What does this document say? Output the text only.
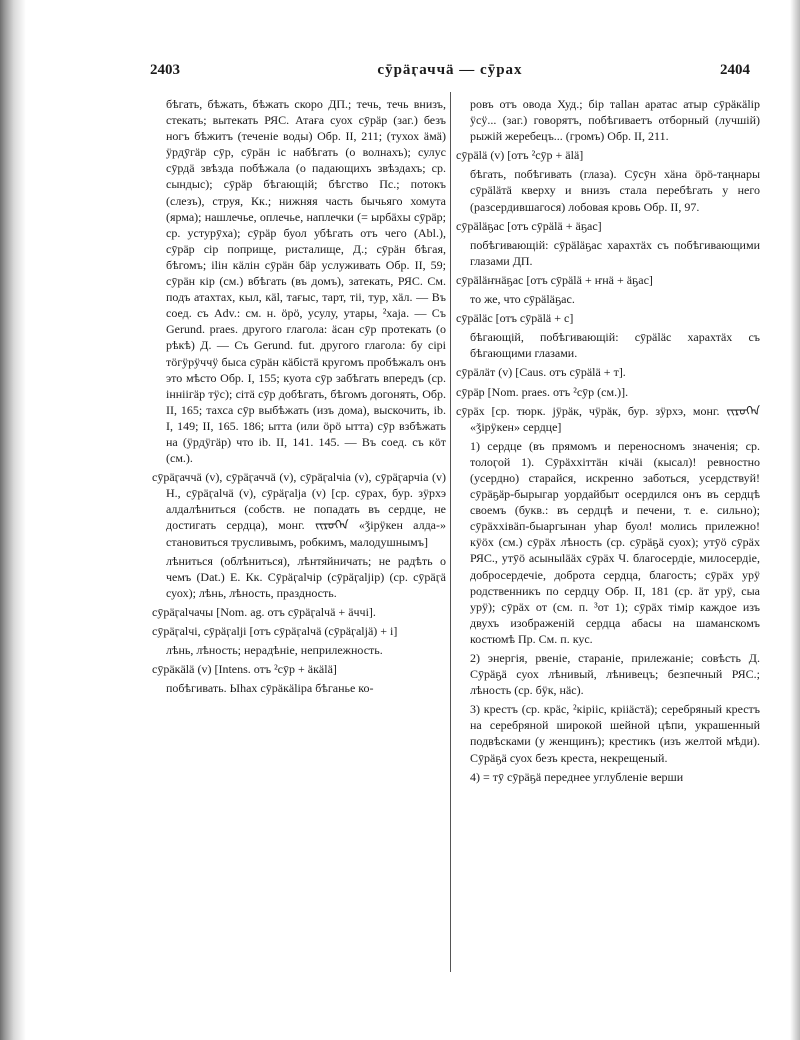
2403	сӯрӓӷаччӓ — сӯрах	2404

бѣгать, бѣжать, бѣжать скоро ДП.; течь, течь внизъ, стекать; вытекать РЯС. Атаға суох сӯрäр (заг.) безъ ногъ бѣжитъ (теченіе воды) Обр. II, 211; (тухох äмä) ӱрдӯгäр сӯр, сӯрäн іс набѣгать (о волнахъ); сулус сӯрдä звѣзда побѣжала (о падающихъ звѣздахъ; ср. сындыс); сӯрäр бѣгающій; бѣгство Пс.; потокъ (слезъ), струя, Кк.; нижняя часть бычьяго хомута (ярма); нашлечье, оплечье, наплечки (= ырбäхы сӯрäр; ср. устурӯха); сӯрäр буол убѣгать отъ чего (Abl.), сӯрäр сір поприще, ристалище, Д.; сӯрäн бѣгая, бѣгомъ; іlін кäлін сӯрäн бäр услуживать Обр. II, 59; сӯрäн кір (см.) вбѣгать (въ домъ), затекать, РЯС. См. подъ атахтах, кыл, кäl, тағыс, тарт, тіі, тур, хäл. — Въ соед. съ Adv.: см. н. öрö, усулу, утары, ²хаја. — Съ Gerund. praes. другого глагола: äсан сӯр протекать (о рѣкѣ) Д. — Съ Gerund. fut. другого глагола: бу сірі тöгӱрӱччӱ быса сӯрäн кäбістä кругомъ пробѣжалъ онъ это мѣсто Обр. I, 155; куота сӯр забѣгать впередъ (ср. інніігäр тӱс); сітä сӯр добѣгать, бѣгомъ догонять, Обр. II, 165; тахса сӯр выбѣжать (изъ дома), выскочить, ib. I, 149; II, 165. 186; ытта (или öрö ытта) сӯр взбѣжать на (ӱрдӱгäр) что ib. II, 141. 145. — Въ соед. съ кöт (см.).

сӯрäӷаччӓ (v), сӯрäӷаччä (v), сӯрäӷаlчіа (v), сӯрäӷарчіа (v) Н., сӯрäӷаlчä (v), сӯрäӷаlја (v) [ср. сӯрах, бур. зӱрхэ алдалѣниться (собств. не попадать въ сердце, не достигать сердца), монг. ᠵᠢᠷᠦᠬᠡᠨ «ǯірӱкен алда-» становиться трусливымъ, робкимъ, малодушнымъ]

лѣниться (облѣниться), лѣнтяйничать; не радѣть о чемъ (Dat.) Е. Кк. Сӯрäӷаlчір (сӯрäӷаlјір) (ср. сӯрäӷä суох); лѣнь, лѣность, праздность.

сӯрäӷаlчачы [Nom. ag. отъ сӯрäӷаlчä + äччі].

сӯрäӷаlчі, сӯрäӷаlјі [отъ сӯрäӷаlчä (сӯрäӷаlјä) + і]

лѣнь, лѣность; нерадѣніе, неприлежность.

сӯрäкälä (v) [Intens. отъ ²сӯр + äкälä]

побѣгивать. Ыһах сӯрäкälіра бѣганье ко-

ровъ отъ овода Худ.; бір таllан аратас атыр сӯрäкälір ӱсӱ... (заг.) говорятъ, побѣгиваетъ отборный (лучшій) рыжій жеребецъ... (громъ) Обр. II, 211.

сӯрälä (v) [отъ ²сӯр + älä]

бѣгать, побѣгивать (глаза). Сӯсӯн хäна öрö-таңнары сӯрäläтä кверху и внизъ стала перебѣгать у него (разсердившагося) лобовая кровь Обр. II, 97.

сӯрäläҕас [отъ сӯрälä + äҕас]

побѣгивающій: сӯрäläҕас харахтäх съ побѣгивающими глазами ДП.

сӯрäläҥнäҕас [отъ сӯрälä + ҥнä + äҕас]

то же, что сӯрäläҕас.

сӯрäläс [отъ сӯрälä + с]

бѣгающій, побѣгивающій: сӯрäläс харахтäх съ бѣгающими глазами.

сӯрäлäт (v) [Caus. отъ сӯрälä + т].

сӯрäр [Nom. praes. отъ ²сӯр (см.)].

сӯрäх [ср. тюрк. јӱрäк, чӱрäк, бур. зӱрхэ, монг. ᠵᠢᠷᠦᠬᠡᠨ «ǯірӱкен» сердце]

1) сердце (въ прямомъ и переносномъ значенія; ср. толоӷой 1). Сӯрäххіттäн кічäі (кысал)! ревностно (усердно) старайся, искренно заботься, усердствуй! сӯрäҕäр-бырыгар уордайбыт осердился онъ въ сердцѣ своемъ (букв.: въ сердцѣ и печени, т. е. сильно); сӯрäххівäп-быаргынан уһар буол! молись прилежно! кӱöх (см.) сӯрäх лѣность (ср. сӯрäҕä суох); утӯö сӯрäх РЯС., утӯö асыныlääх сӯрäх Ч. благосердіе, милосердіе, добросердечіе, доброта сердца, благость; сӯрäх урӱ родственникъ по сердцу Обр. II, 181 (ср. äт урӱ, сыа урӱ); сӯрäх от (см. п. ³от 1); сӯрäх тімір каждое изъ двухъ изображеній сердца абасы на шаманскомъ костюмѣ Пр. См. п. кус.

2) энергія, рвеніе, стараніе, прилежаніе; совѣсть Д. Сӯрäҕä суох лѣнивый, лѣнивецъ; безпечный РЯС.; лѣность (ср. бӱк, нäс).

3) крестъ (ср. крäс, ²кірііс, крііäстä); серебряный крестъ на серебряной широкой шейной цѣпи, украшенный подвѣсками (у женщинъ); крестикъ (изъ желтой мѣди). Сӯрäҕä суох безъ креста, некрещеный.

4) = тӯ сӯрäҕä переднее углубленіе верши
